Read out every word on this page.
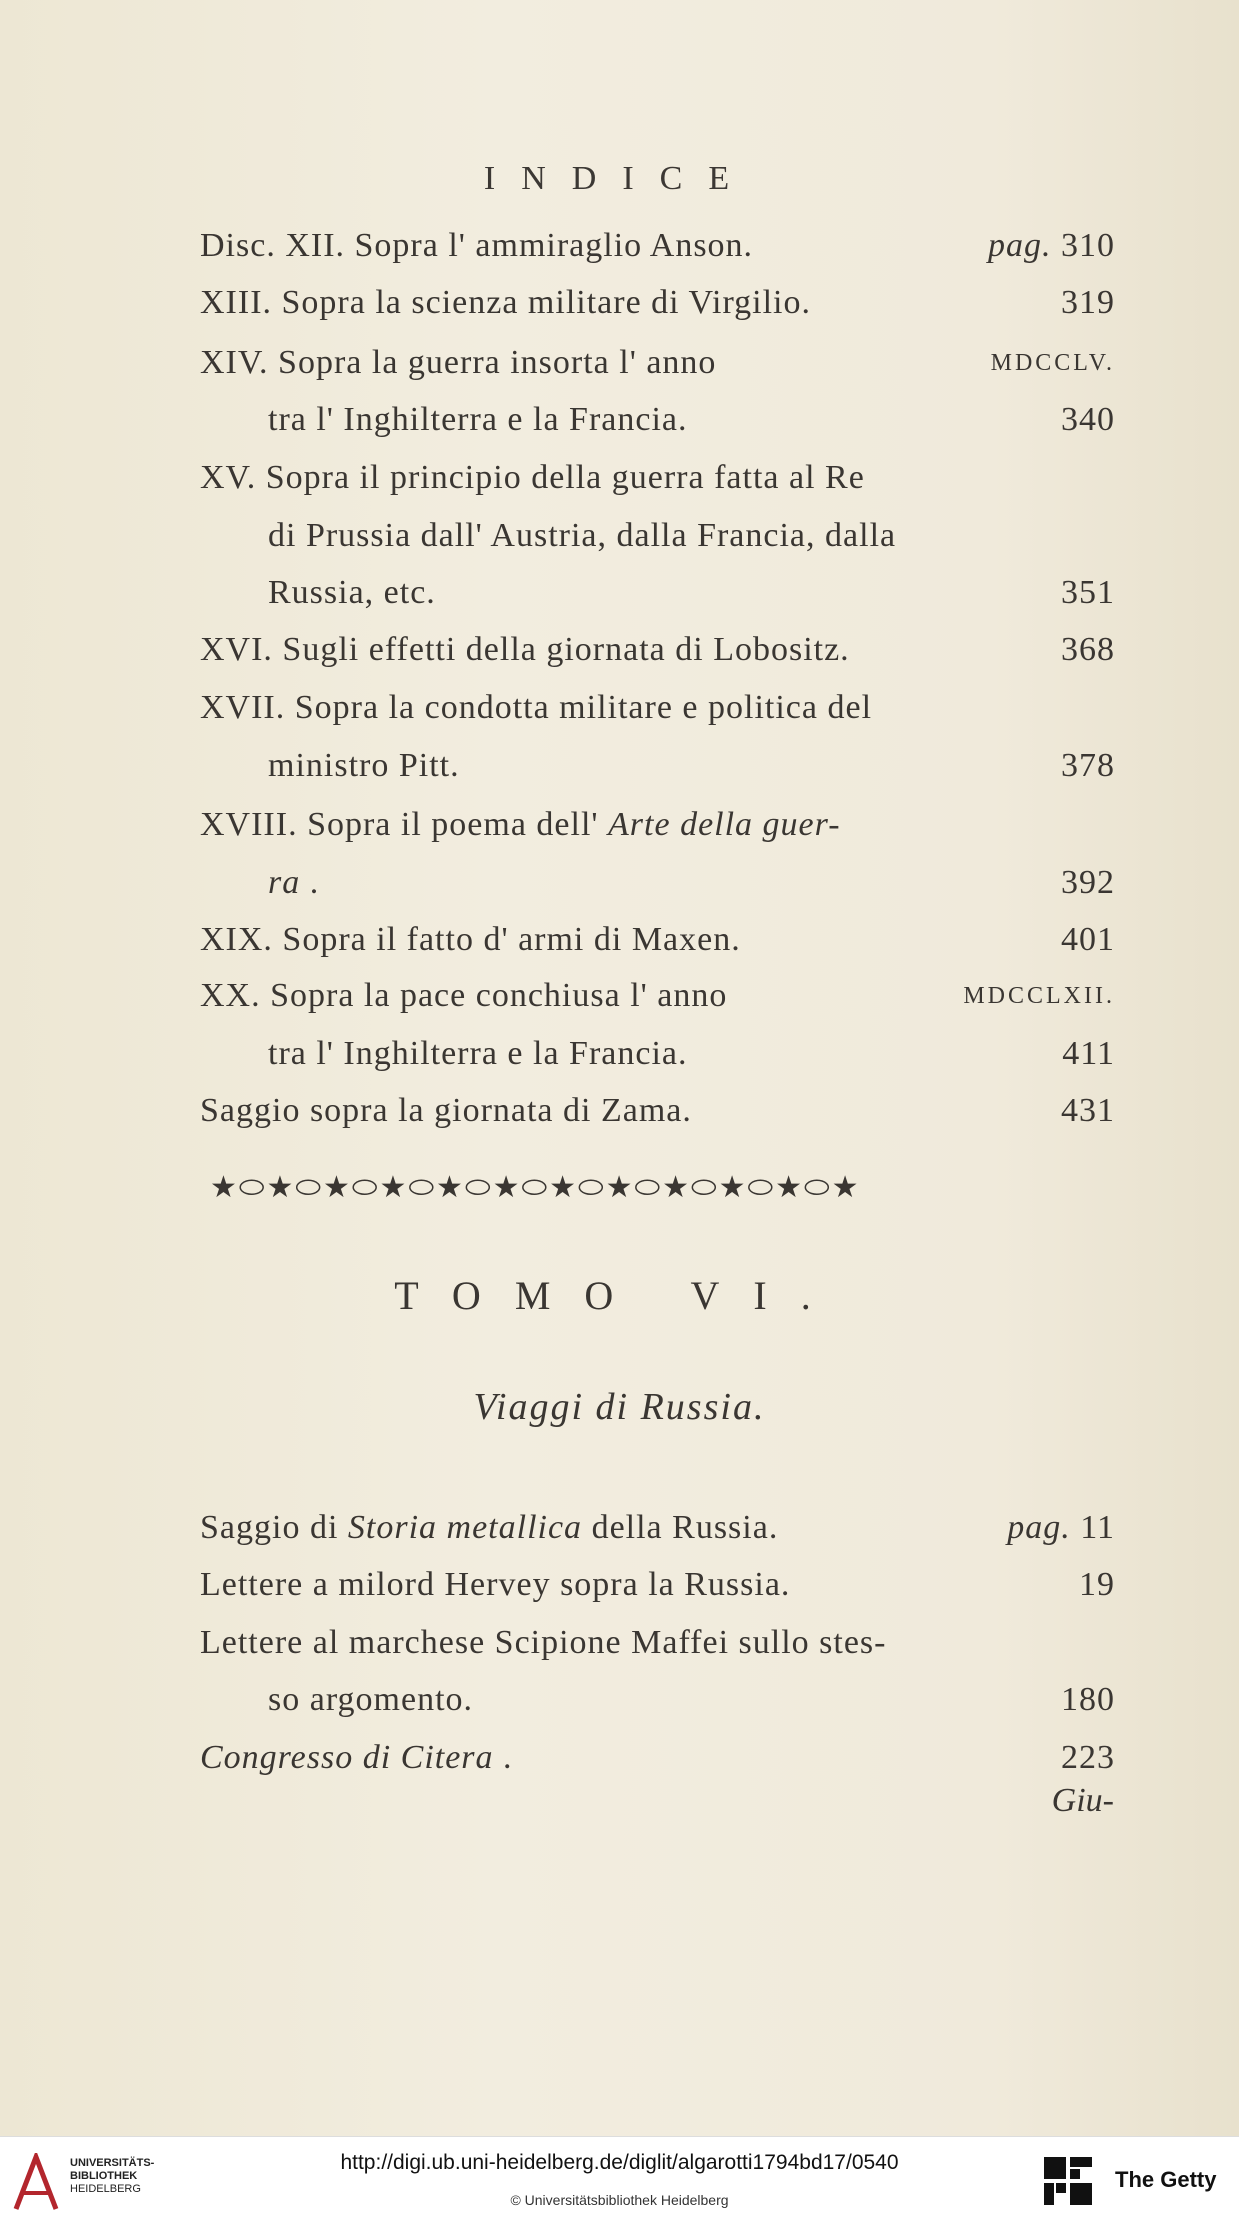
INDICE
Disc. XII. Sopra l' ammiraglio Anson.	pag. 310
XIII. Sopra la scienza militare di Virgilio.	319
XIV. Sopra la guerra insorta l' anno	MDCCLV.
tra l' Inghilterra e la Francia.	340
XV. Sopra il principio della guerra fatta al Re
di Prussia dall' Austria, dalla Francia, dalla
Russia, etc.	351
XVI. Sugli effetti della giornata di Lobositz.	368
XVII. Sopra la condotta militare e politica del
ministro Pitt.	378
XVIII. Sopra il poema dell' Arte della guer-
ra .	392
XIX. Sopra il fatto d' armi di Maxen.	401
XX. Sopra la pace conchiusa l' anno	MDCCLXII.
tra l' Inghilterra e la Francia.	411
Saggio sopra la giornata di Zama.	431
★⬭★⬭★⬭★⬭★⬭★⬭★⬭★⬭★⬭★⬭★⬭★
TOMO VI.
Viaggi di Russia.
Saggio di Storia metallica della Russia.	pag. 11
Lettere a milord Hervey sopra la Russia.	19
Lettere al marchese Scipione Maffei sullo stes-
so argomento.	180
Congresso di Citera .	223
Giu-
UNIVERSITÄTS-
BIBLIOTHEK
HEIDELBERG
http://digi.ub.uni-heidelberg.de/diglit/algarotti1794bd17/0540
© Universitätsbibliothek Heidelberg
The Getty
